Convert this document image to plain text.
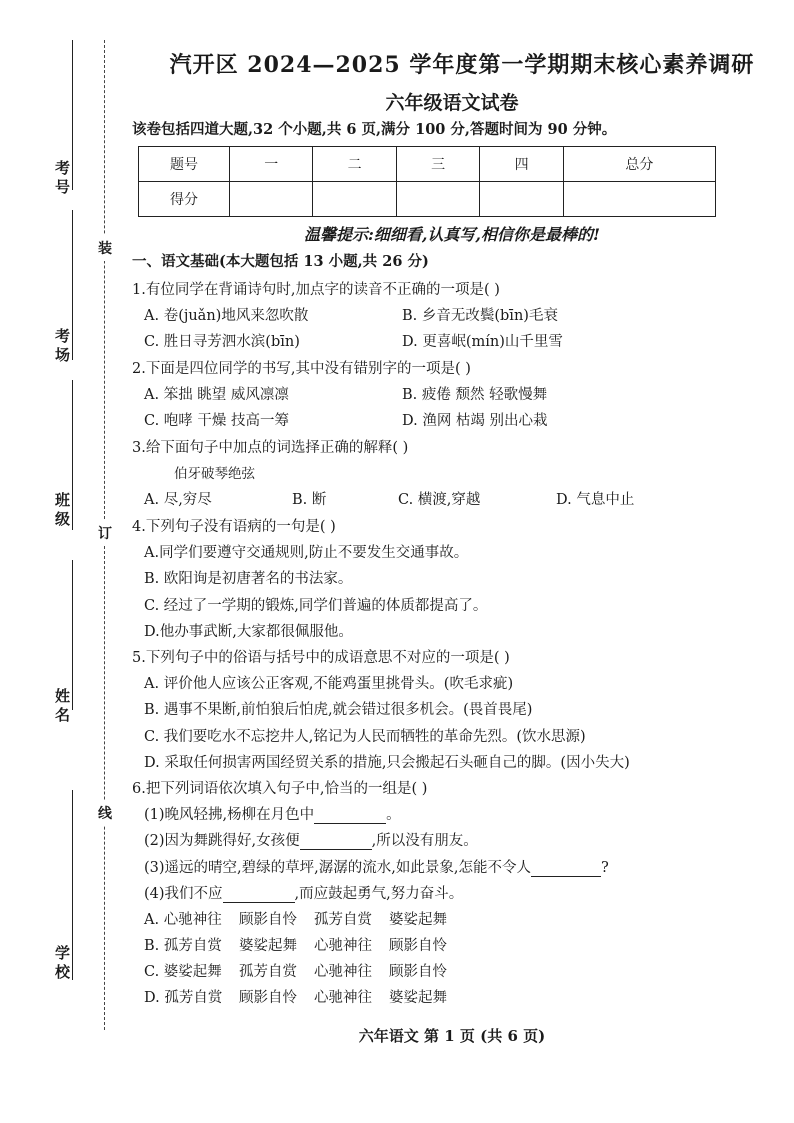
考号
考场
班级
姓名
学校
装
订
线
汽开区 2024—2025 学年度第一学期期末核心素养调研
六年级语文试卷
该卷包括四道大题,32 个小题,共 6 页,满分 100 分,答题时间为 90 分钟。
题号	一	二	三	四	总分
得分					
温馨提示:细细看,认真写,相信你是最棒的!
一、语文基础(本大题包括 13 小题,共 26 分)
1.有位同学在背诵诗句时,加点字的读音不正确的一项是( )
A. 卷(juǎn)地风来忽吹散	B. 乡音无改鬓(bīn)毛衰
C. 胜日寻芳泗水滨(bīn)	D. 更喜岷(mín)山千里雪
2.下面是四位同学的书写,其中没有错别字的一项是( )
A. 笨拙 眺望 威风凛凛	B. 疲倦 颓然 轻歌慢舞
C. 咆哮 干燥 技高一筹	D. 渔网 枯竭 别出心栽
3.给下面句子中加点的词选择正确的解释( )
伯牙破琴绝弦
A. 尽,穷尽	B. 断	C. 横渡,穿越	D. 气息中止
4.下列句子没有语病的一句是( )
A.同学们要遵守交通规则,防止不要发生交通事故。
B. 欧阳询是初唐著名的书法家。
C. 经过了一学期的锻炼,同学们普遍的体质都提高了。
D.他办事武断,大家都很佩服他。
5.下列句子中的俗语与括号中的成语意思不对应的一项是( )
A. 评价他人应该公正客观,不能鸡蛋里挑骨头。(吹毛求疵)
B. 遇事不果断,前怕狼后怕虎,就会错过很多机会。(畏首畏尾)
C. 我们要吃水不忘挖井人,铭记为人民而牺牲的革命先烈。(饮水思源)
D. 采取任何损害两国经贸关系的措施,只会搬起石头砸自己的脚。(因小失大)
6.把下列词语依次填入句子中,恰当的一组是( )
(1)晚风轻拂,杨柳在月色中	。
(2)因为舞跳得好,女孩便	,所以没有朋友。
(3)遥远的晴空,碧绿的草坪,潺潺的流水,如此景象,怎能不令人	?
(4)我们不应	,而应鼓起勇气,努力奋斗。
A. 心驰神往 顾影自怜 孤芳自赏 婆娑起舞
B. 孤芳自赏 婆娑起舞 心驰神往 顾影自怜
C. 婆娑起舞 孤芳自赏 心驰神往 顾影自怜
D. 孤芳自赏 顾影自怜 心驰神往 婆娑起舞
六年语文 第 1 页 (共 6 页)
